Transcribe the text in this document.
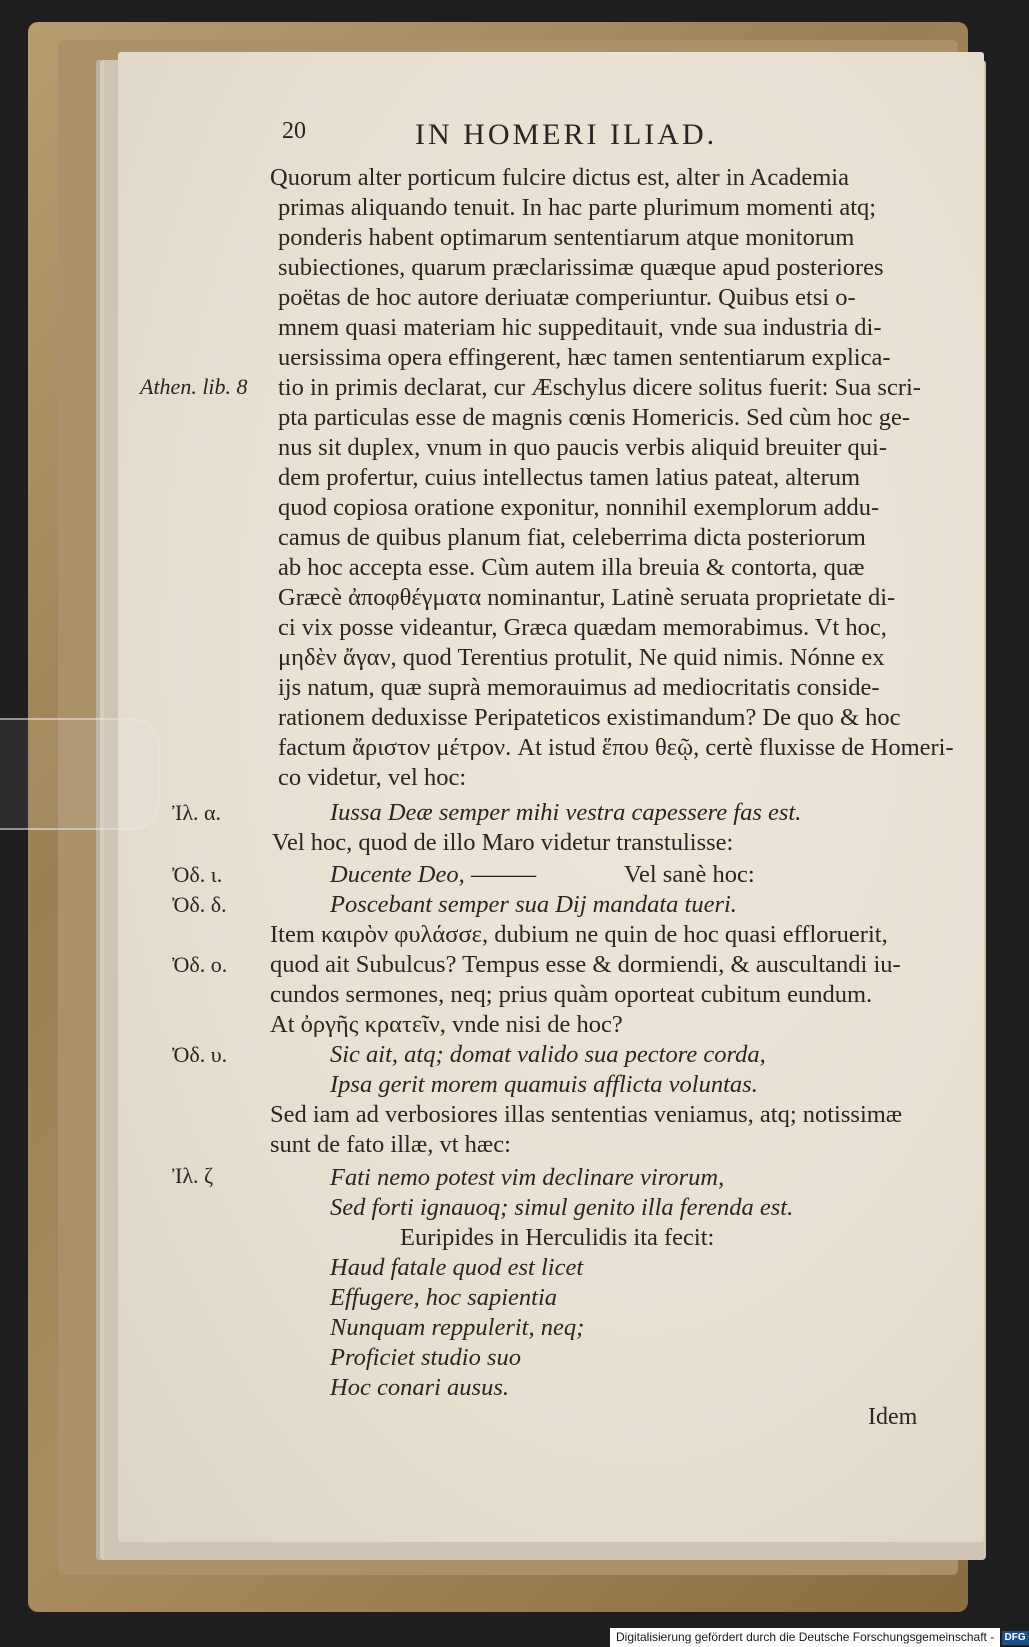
20	IN HOMERI ILIAD.
Quorum alter porticum fulcire dictus est, alter in Academia
primas aliquando tenuit. In hac parte plurimum momenti atq;
ponderis habent optimarum sententiarum atque monitorum
subiectiones, quarum præclarissimæ quæque apud posteriores
poëtas de hoc autore deriuatæ comperiuntur. Quibus etsi o-
mnem quasi materiam hic suppeditauit, vnde sua industria di-
uersissima opera effingerent, hæc tamen sententiarum explica-
tio in primis declarat, cur Æschylus dicere solitus fuerit: Sua scri-
pta particulas esse de magnis cœnis Homericis. Sed cùm hoc ge-
nus sit duplex, vnum in quo paucis verbis aliquid breuiter qui-
dem profertur, cuius intellectus tamen latius pateat, alterum
quod copiosa oratione exponitur, nonnihil exemplorum addu-
camus de quibus planum fiat, celeberrima dicta posteriorum
ab hoc accepta esse. Cùm autem illa breuia & contorta, quæ
Græcè ἀποφθέγματα nominantur, Latinè seruata proprietate di-
ci vix posse videantur, Græca quædam memorabimus. Vt hoc,
μηδὲν ἄγαν, quod Terentius protulit, Ne quid nimis. Nónne ex
ijs natum, quæ suprà memorauimus ad mediocritatis conside-
rationem deduxisse Peripateticos existimandum? De quo & hoc
factum ἄριστον μέτρον. At istud ἕπου θεῷ, certè fluxisse de Homeri-
co videtur, vel hoc:
Iussa Deæ semper mihi vestra capessere fas est.
Vel hoc, quod de illo Maro videtur transtulisse:
Ducente Deo, ———	Vel sanè hoc:
Poscebant semper sua Dij mandata tueri.
Item καιρὸν φυλάσσε, dubium ne quin de hoc quasi effloruerit,
quod ait Subulcus? Tempus esse & dormiendi, & auscultandi iu-
cundos sermones, neq; prius quàm oporteat cubitum eundum.
At ὀργῆς κρατεῖν, vnde nisi de hoc?
Sic ait, atq; domat valido sua pectore corda,
Ipsa gerit morem quamuis afflicta voluntas.
Sed iam ad verbosiores illas sententias veniamus, atq; notissimæ
sunt de fato illæ, vt hæc:
Fati nemo potest vim declinare virorum,
Sed forti ignauoq; simul genito illa ferenda est.
Euripides in Herculidis ita fecit:
Haud fatale quod est licet
Effugere, hoc sapientia
Nunquam reppulerit, neq;
Proficiet studio suo
Hoc conari ausus.
Idem
Athen. lib. 8
Ἰλ. α.
Ὀδ. ι.
Ὀδ. δ.
Ὀδ. ο.
Ὀδ. υ.
Ἰλ. ζ
Digitalisierung gefördert durch die Deutsche Forschungsgemeinschaft - DFG
